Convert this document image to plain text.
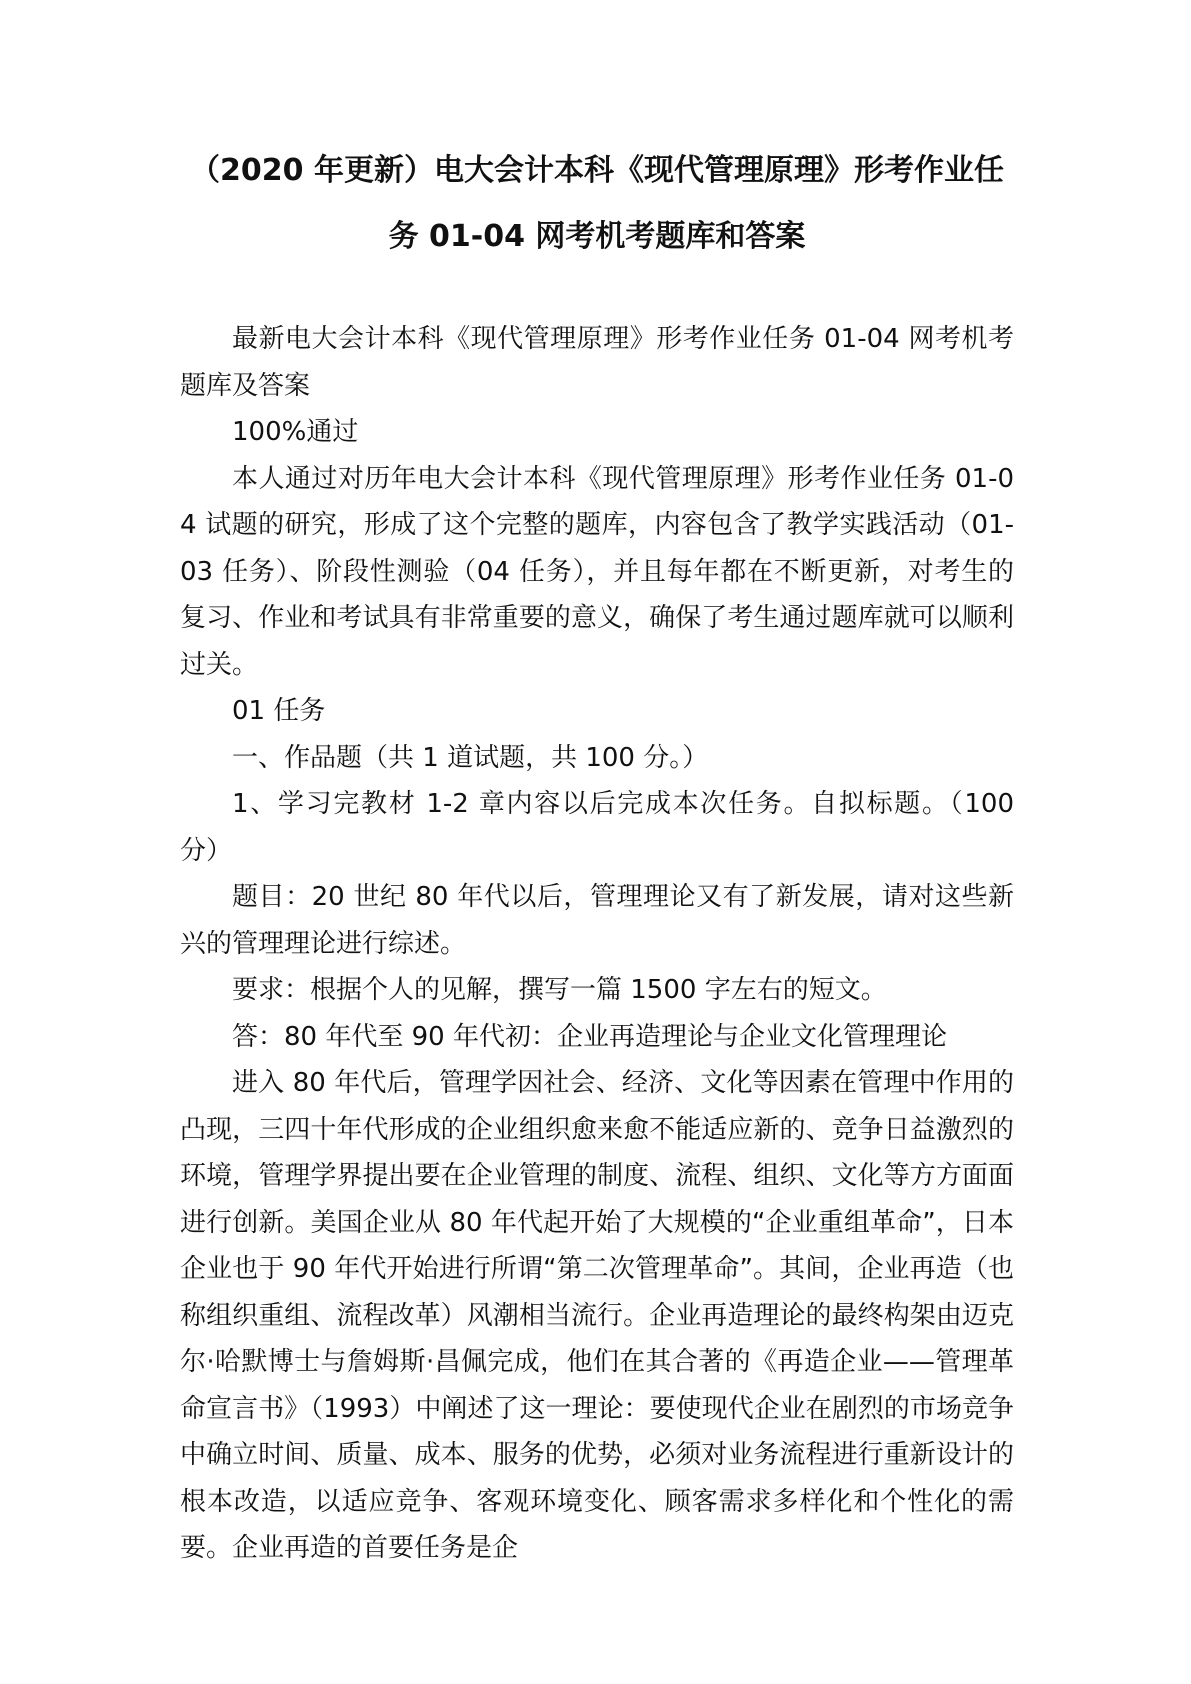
（2020 年更新）电大会计本科《现代管理原理》形考作业任
务 01-04 网考机考题库和答案

最新电大会计本科《现代管理原理》形考作业任务 01-04 网考机考题库及答案

100%通过

本人通过对历年电大会计本科《现代管理原理》形考作业任务 01-04 试题的研究，形成了这个完整的题库，内容包含了教学实践活动（01-03 任务）、阶段性测验（04 任务），并且每年都在不断更新，对考生的复习、作业和考试具有非常重要的意义，确保了考生通过题库就可以顺利过关。

01 任务

一、作品题（共 1 道试题，共 100 分。）

1、学习完教材 1-2 章内容以后完成本次任务。自拟标题。（100 分）

题目：20 世纪 80 年代以后，管理理论又有了新发展，请对这些新兴的管理理论进行综述。

要求：根据个人的见解，撰写一篇 1500 字左右的短文。

答：80 年代至 90 年代初：企业再造理论与企业文化管理理论

进入 80 年代后，管理学因社会、经济、文化等因素在管理中作用的凸现，三四十年代形成的企业组织愈来愈不能适应新的、竞争日益激烈的环境，管理学界提出要在企业管理的制度、流程、组织、文化等方方面面进行创新。美国企业从 80 年代起开始了大规模的“企业重组革命”，日本企业也于 90 年代开始进行所谓“第二次管理革命”。其间，企业再造（也称组织重组、流程改革）风潮相当流行。企业再造理论的最终构架由迈克尔·哈默博士与詹姆斯·昌佩完成，他们在其合著的《再造企业——管理革命宣言书》（1993）中阐述了这一理论：要使现代企业在剧烈的市场竞争中确立时间、质量、成本、服务的优势，必须对业务流程进行重新设计的根本改造，以适应竞争、客观环境变化、顾客需求多样化和个性化的需要。企业再造的首要任务是企
